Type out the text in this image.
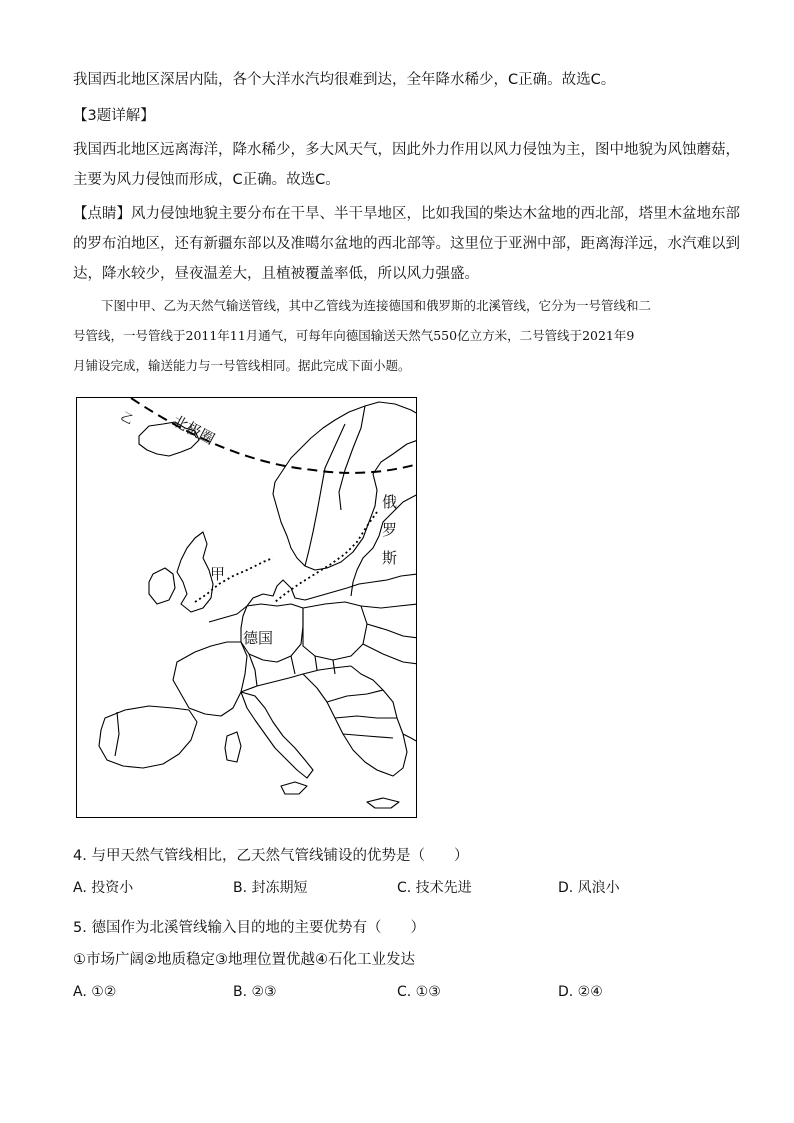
我国西北地区深居内陆，各个大洋水汽均很难到达，全年降水稀少，C正确。故选C。
【3题详解】
我国西北地区远离海洋，降水稀少，多大风天气，因此外力作用以风力侵蚀为主，图中地貌为风蚀蘑菇，
主要为风力侵蚀而形成，C正确。故选C。
【点睛】风力侵蚀地貌主要分布在干旱、半干旱地区，比如我国的柴达木盆地的西北部，塔里木盆地东部
的罗布泊地区，还有新疆东部以及准噶尔盆地的西北部等。这里位于亚洲中部，距离海洋远，水汽难以到
达，降水较少，昼夜温差大，且植被覆盖率低，所以风力强盛。
下图中甲、乙为天然气输送管线，其中乙管线为连接德国和俄罗斯的北溪管线，它分为一号管线和二
号管线，一号管线于2011年11月通气，可每年向德国输送天然气550亿立方米，二号管线于2021年9
月铺设完成，输送能力与一号管线相同。据此完成下面小题。
乙 北极圈
甲
德国
俄
罗
斯
4. 与甲天然气管线相比，乙天然气管线铺设的优势是（　　）
A. 投资小	B. 封冻期短	C. 技术先进	D. 风浪小
5. 德国作为北溪管线输入目的地的主要优势有（　　）
①市场广阔②地质稳定③地理位置优越④石化工业发达
A. ①②	B. ②③	C. ①③	D. ②④
